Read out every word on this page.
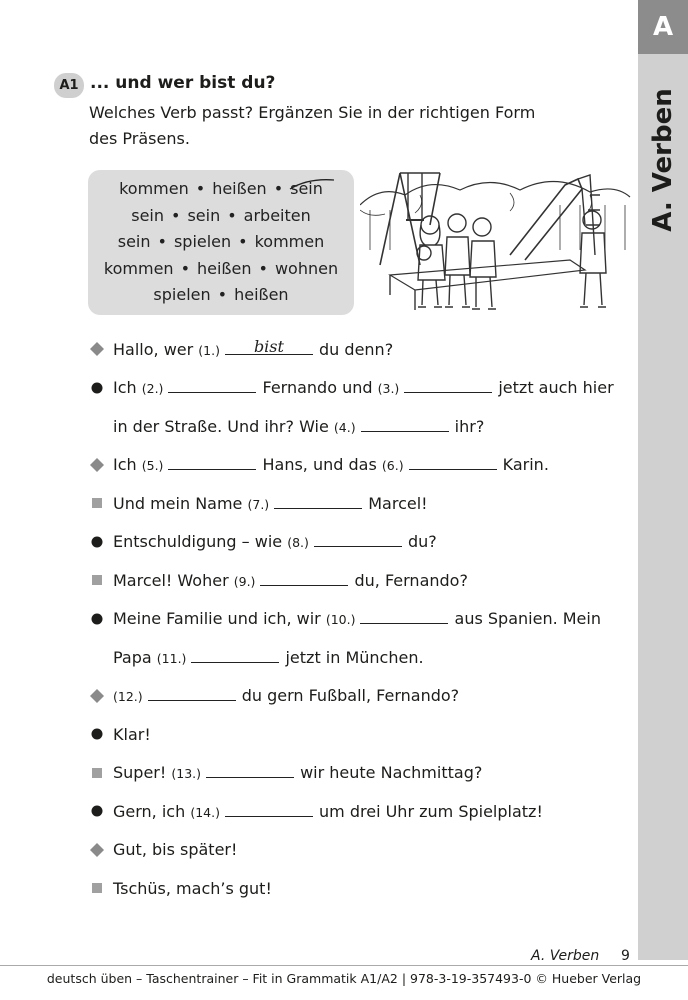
A
A. Verben
A1 ... und wer bist du?
Welches Verb passt? Ergänzen Sie in der richtigen Form des Präsens.
kommen • heißen • sein
sein • sein • arbeiten
sein • spielen • kommen
kommen • heißen • wohnen
spielen • heißen
Hallo, wer (1.)	bist	du denn?
Ich (2.)	Fernando und (3.)	jetzt auch hier
in der Straße. Und ihr? Wie (4.)	ihr?
Ich (5.)	Hans, und das (6.)	Karin.
Und mein Name (7.)	Marcel!
Entschuldigung – wie (8.)	du?
Marcel! Woher (9.)	du, Fernando?
Meine Familie und ich, wir (10.)	aus Spanien. Mein
Papa (11.)	jetzt in München.
(12.)	du gern Fußball, Fernando?
Klar!
Super! (13.)	wir heute Nachmittag?
Gern, ich (14.)	um drei Uhr zum Spielplatz!
Gut, bis später!
Tschüs, mach’s gut!
A. Verben 9
deutsch üben – Taschentrainer – Fit in Grammatik A1/A2 | 978-3-19-357493-0 © Hueber Verlag
